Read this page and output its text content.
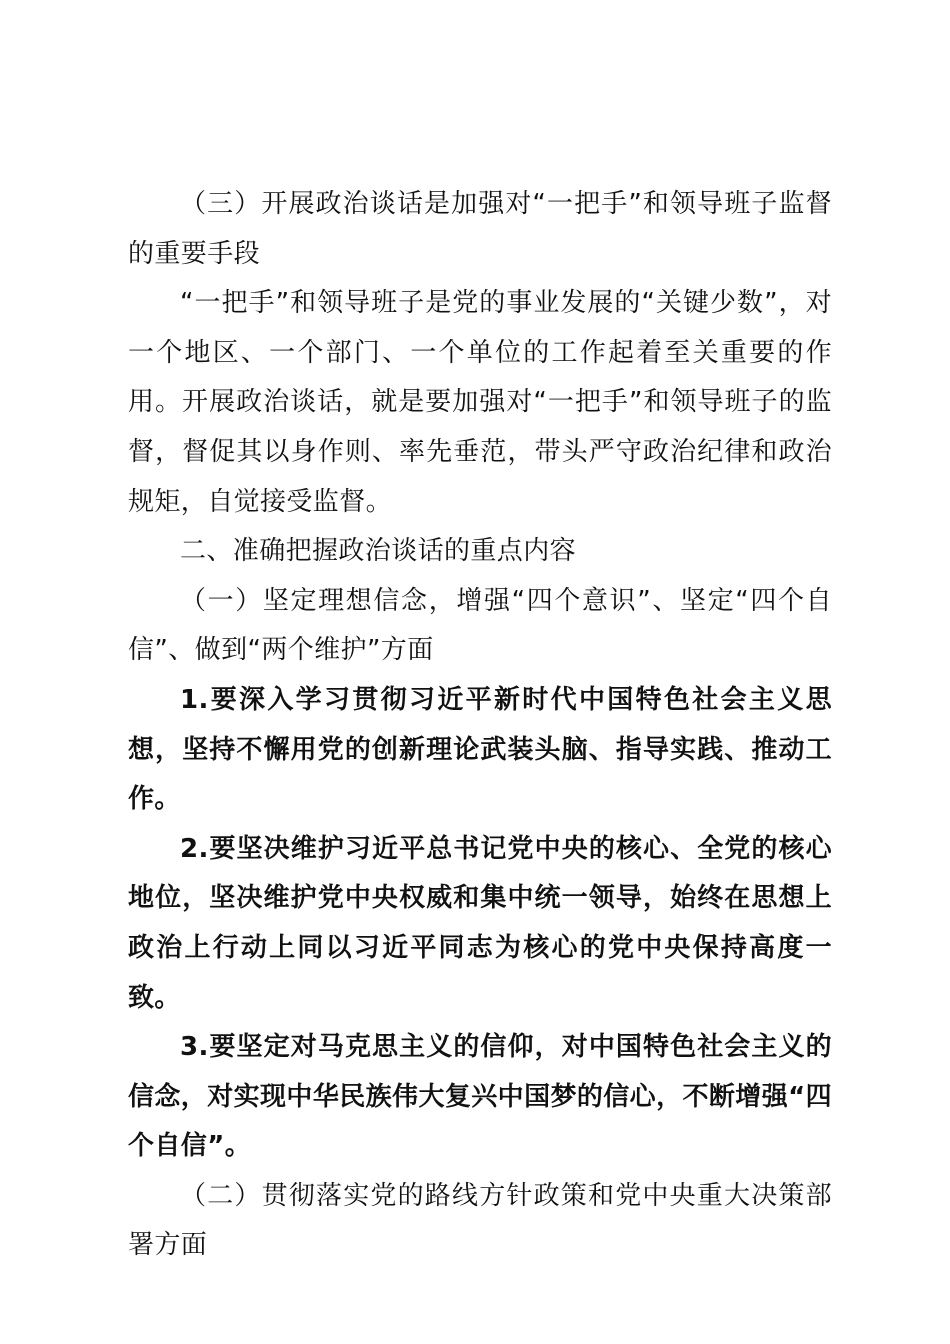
（三）开展政治谈话是加强对“一把手”和领导班子监督的重要手段

“一把手”和领导班子是党的事业发展的“关键少数”，对一个地区、一个部门、一个单位的工作起着至关重要的作用。开展政治谈话，就是要加强对“一把手”和领导班子的监督，督促其以身作则、率先垂范，带头严守政治纪律和政治规矩，自觉接受监督。

二、准确把握政治谈话的重点内容

（一）坚定理想信念，增强“四个意识”、坚定“四个自信”、做到“两个维护”方面

1.要深入学习贯彻习近平新时代中国特色社会主义思想，坚持不懈用党的创新理论武装头脑、指导实践、推动工作。

2.要坚决维护习近平总书记党中央的核心、全党的核心地位，坚决维护党中央权威和集中统一领导，始终在思想上政治上行动上同以习近平同志为核心的党中央保持高度一致。

3.要坚定对马克思主义的信仰，对中国特色社会主义的信念，对实现中华民族伟大复兴中国梦的信心，不断增强“四个自信”。

（二）贯彻落实党的路线方针政策和党中央重大决策部署方面
